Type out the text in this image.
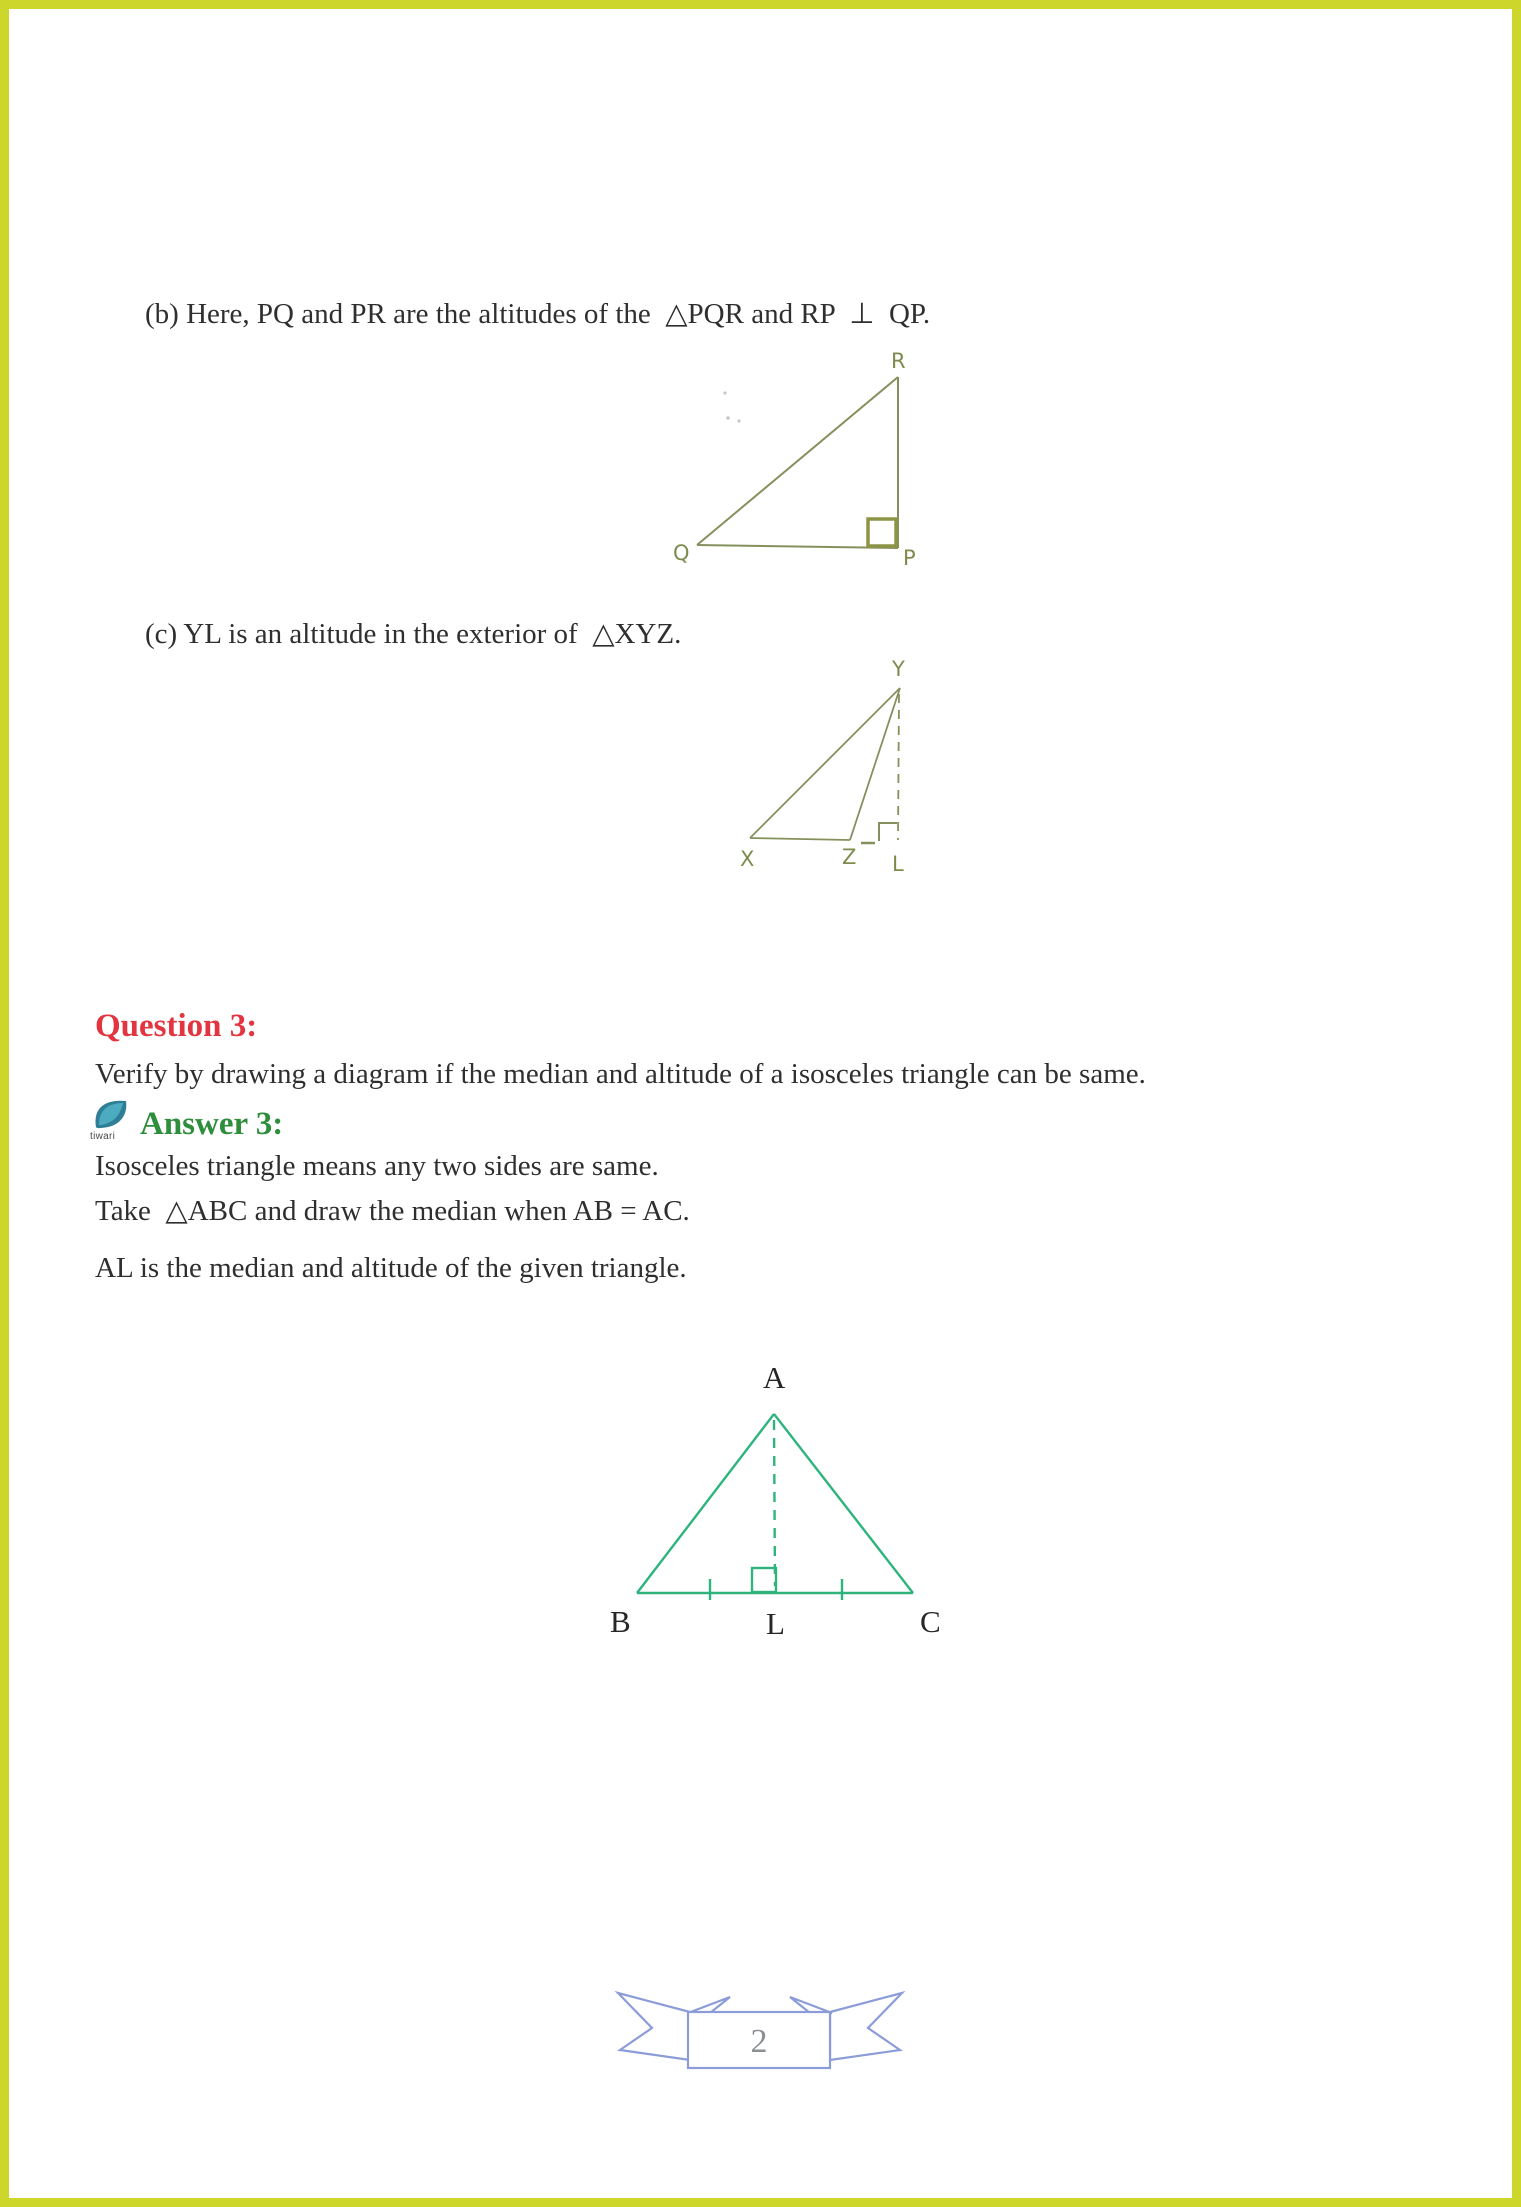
(b) Here, PQ and PR are the altitudes of the  △PQR and RP  ⊥  QP.
R
Q	P
(c) YL is an altitude in the exterior of  △XYZ.
Y
X	Z L
Question 3:
Verify by drawing a diagram if the median and altitude of a isosceles triangle can be same.
tiwari Answer 3:
Isosceles triangle means any two sides are same.
Take  △ABC and draw the median when AB = AC.
AL is the median and altitude of the given triangle.
A
B	L	C
2
